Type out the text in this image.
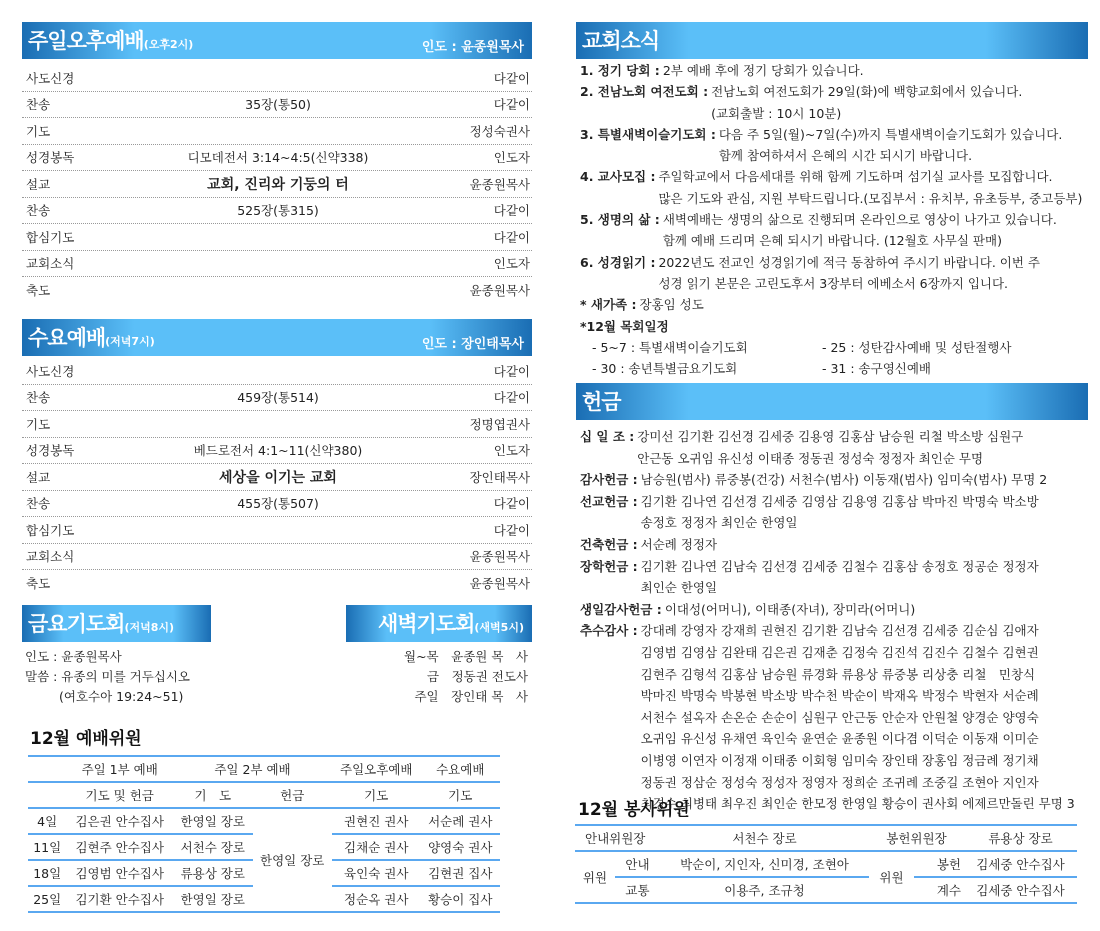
주일오후예배(오후2시)	인도 : 윤종원목사
사도신경	다같이
찬송	35장(통50)	다같이
기도	정성숙권사
성경봉독	디모데전서 3:14~4:5(신약338)	인도자
설교	교회, 진리와 기둥의 터	윤종원목사
찬송	525장(통315)	다같이
합심기도	다같이
교회소식	인도자
축도	윤종원목사
수요예배(저녁7시)	인도 : 장인태목사
사도신경	다같이
찬송	459장(통514)	다같이
기도	정명엽권사
성경봉독	베드로전서 4:1~11(신약380)	인도자
설교	세상을 이기는 교회	장인태목사
찬송	455장(통507)	다같이
합심기도	다같이
교회소식	윤종원목사
축도	윤종원목사
금요기도회(저녁8시)	새벽기도회(새벽5시)
인도 : 윤종원목사
말씀 : 유종의 미를 거두십시오
(여호수아 19:24~51)
월~목　 윤종원 목　사
금　 정동권 전도사
주일　 장인태 목　사
12월 예배위원
	주일 1부 예배	주일 2부 예배		주일오후예배	수요예배
	기도 및 헌금	기　도	헌금	기도	기도
4일	김은권 안수집사	한영일 장로	한영일 장로	권현진 권사	서순례 권사
11일	김현주 안수집사	서천수 장로		김채순 권사	양영숙 권사
18일	김영범 안수집사	류용상 장로		육인숙 권사	김현권 집사
25일	김기환 안수집사	한영일 장로		정순옥 권사	황승이 집사
교회소식
1. 정기 당회 : 2부 예배 후에 정기 당회가 있습니다.
2. 전남노회 여전도회 : 전남노회 여전도회가 29일(화)에 백향교회에서 있습니다.
(교회출발 : 10시 10분)
3. 특별새벽이슬기도회 : 다음 주 5일(월)~7일(수)까지 특별새벽이슬기도회가 있습니다.
함께 참여하셔서 은혜의 시간 되시기 바랍니다.
4. 교사모집 : 주일학교에서 다음세대를 위해 함께 기도하며 섬기실 교사를 모집합니다.
많은 기도와 관심, 지원 부탁드립니다.(모집부서 : 유치부, 유초등부, 중고등부)
5. 생명의 삶 : 새벽예배는 생명의 삶으로 진행되며 온라인으로 영상이 나가고 있습니다.
함께 예배 드리며 은혜 되시기 바랍니다. (12월호 사무실 판매)
6. 성경읽기 : 2022년도 전교인 성경읽기에 적극 동참하여 주시기 바랍니다. 이번 주
성경 읽기 본문은 고린도후서 3장부터 에베소서 6장까지 입니다.
* 새가족 : 장홍임 성도
*12월 목회일정
- 5~7 : 특별새벽이슬기도회	- 25 : 성탄감사예배 및 성탄절행사
- 30 : 송년특별금요기도회	- 31 : 송구영신예배
헌금
십 일 조 : 강미선 김기환 김선경 김세중 김용영 김홍삼 남승원 리철 박소방 심원구
안근동 오귀임 유신성 이태종 정동권 정성숙 정정자 최인순 무명
감사헌금 : 남승원(범사) 류중봉(건강) 서천수(범사) 이동재(범사) 임미숙(범사) 무명 2
선교헌금 : 김기환 김나연 김선경 김세중 김영삼 김용영 김홍삼 박마진 박명숙 박소방
송정호 정정자 최인순 한영일
건축헌금 : 서순례 정정자
장학헌금 : 김기환 김나연 김남숙 김선경 김세중 김철수 김홍삼 송정호 정공순 정정자
최인순 한영일
생일감사헌금 : 이대성(어머니), 이태종(자녀), 장미라(어머니)
추수감사 : 강대례 강영자 강재희 권현진 김기환 김남숙 김선경 김세중 김순심 김애자
김영범 김영삼 김완태 김은권 김재춘 김정숙 김진석 김진수 김철수 김현권
김현주 김형석 김홍삼 남승원 류경화 류용상 류중봉 리상충 리철　민창식
박마진 박명숙 박봉현 박소방 박수천 박순이 박재옥 박정수 박현자 서순례
서천수 설옥자 손온순 손순이 심원구 안근동 안순자 안원철 양경순 양영숙
오귀임 유신성 유채연 육인숙 윤연순 윤종원 이다겸 이덕순 이동재 이미순
이병영 이연자 이정재 이태종 이회형 임미숙 장인태 장홍임 정금례 정기채
정동권 정삼순 정성숙 정성자 정영자 정희순 조귀례 조중길 조현아 지인자
최경수 최병태 최우진 최인순 한모정 한영일 황승이 권사회 에제르만돌린 무명 3
12월 봉사위원
안내위원장		서천수 장로	봉헌위원장		류용상 장로
위원	안내	박순이, 지인자, 신미경, 조현아	위원	봉헌	김세중 안수집사
	교통	이용주, 조규청		계수	김세중 안수집사
